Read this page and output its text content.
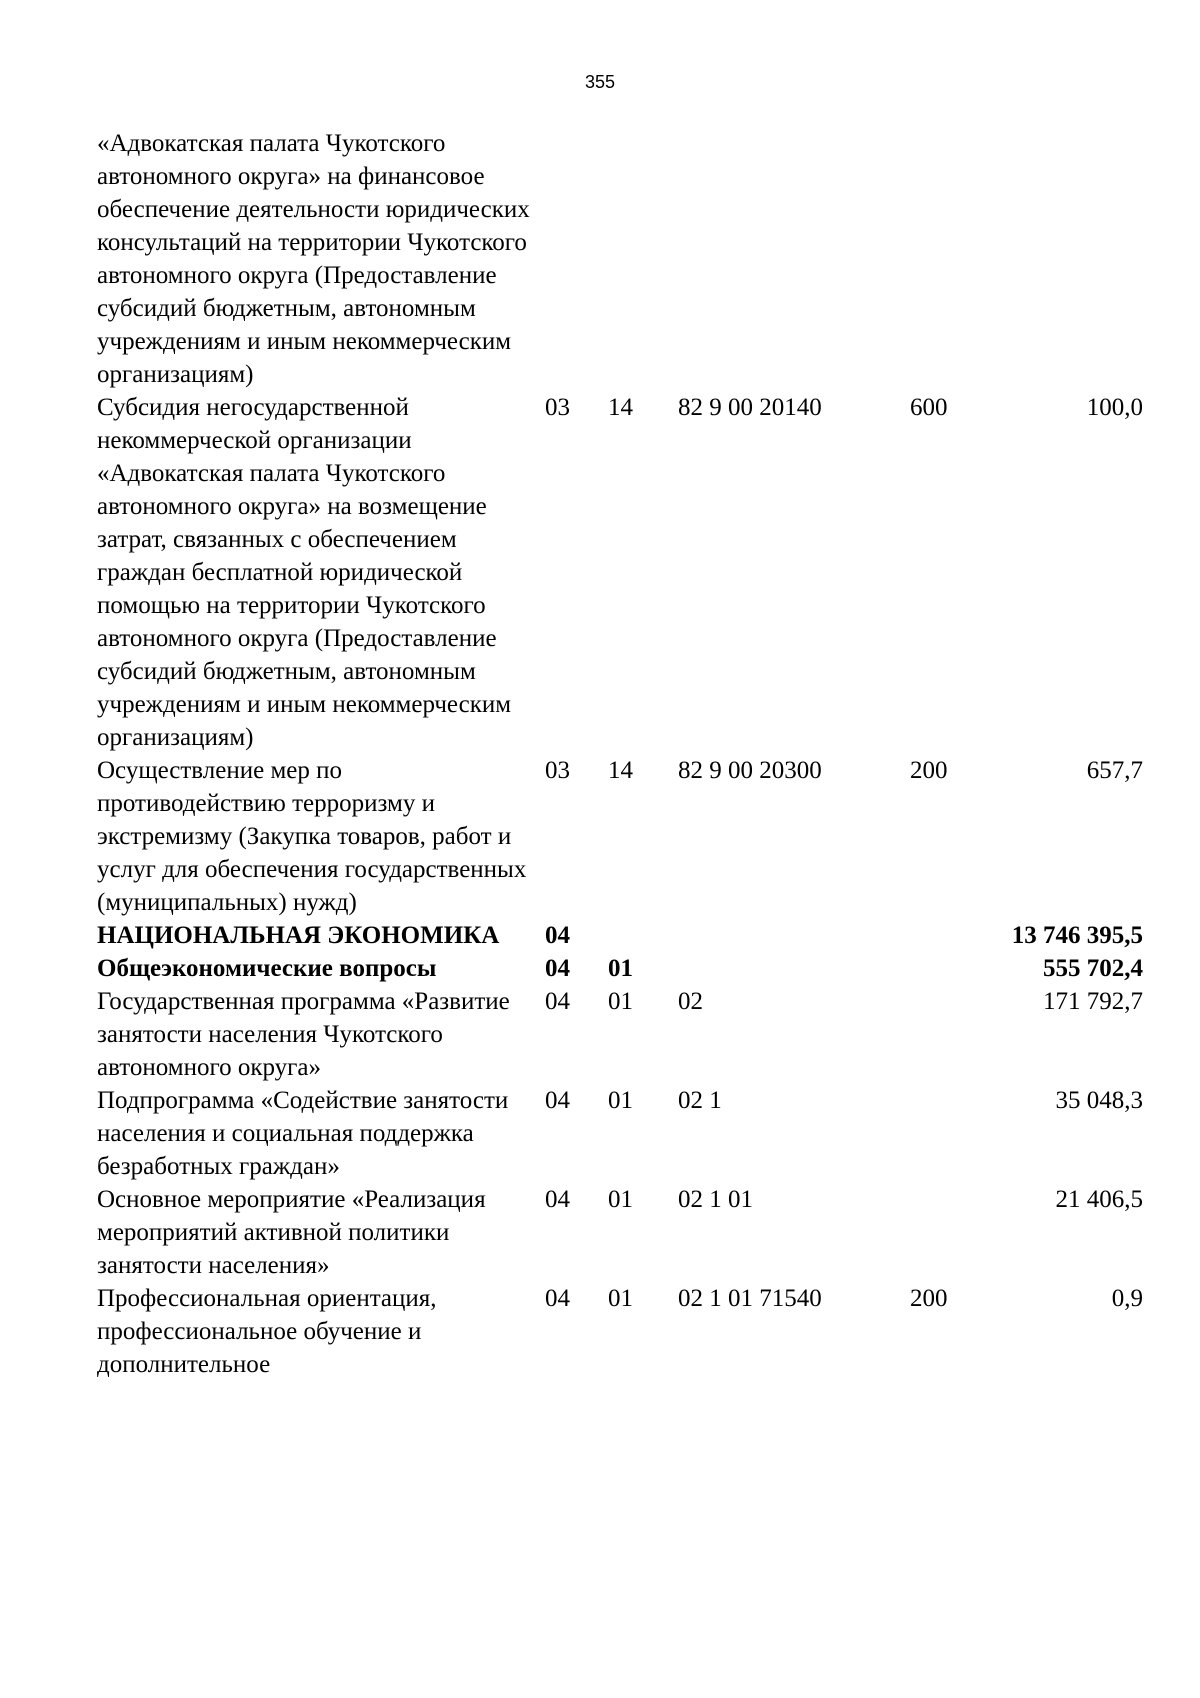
355
«Адвокатская палата Чукотского автономного округа» на финансовое обеспечение деятельности юридических консультаций на территории Чукотского автономного округа (Предоставление субсидий бюджетным, автономным учреждениям и иным некоммерческим организациям)					
Субсидия негосударственной некоммерческой организации «Адвокатская палата Чукотского автономного округа» на возмещение затрат, связанных с обеспечением граждан бесплатной юридической помощью на территории Чукотского автономного округа (Предоставление субсидий бюджетным, автономным учреждениям и иным некоммерческим организациям)	03	14	82 9 00 20140	600	100,0
Осуществление мер по противодействию терроризму и экстремизму (Закупка товаров, работ и услуг для обеспечения государственных (муниципальных) нужд)	03	14	82 9 00 20300	200	657,7
НАЦИОНАЛЬНАЯ ЭКОНОМИКА	04				13 746 395,5
Общеэкономические вопросы	04	01			555 702,4
Государственная программа «Развитие занятости населения Чукотского автономного округа»	04	01	02		171 792,7
Подпрограмма «Содействие занятости населения и социальная поддержка безработных граждан»	04	01	02 1		35 048,3
Основное мероприятие «Реализация мероприятий активной политики занятости населения»	04	01	02 1 01		21 406,5
Профессиональная ориентация, профессиональное обучение и дополнительное	04	01	02 1 01 71540	200	0,9
